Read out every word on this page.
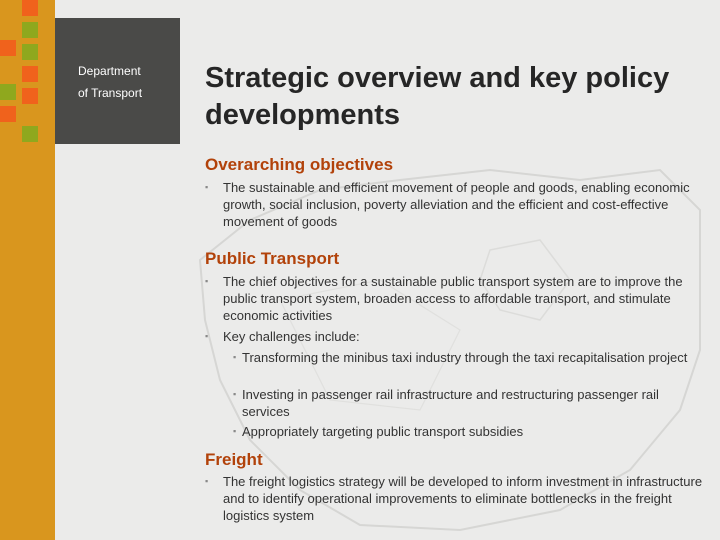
Department
of Transport Strategic overview and key policy developments
Overarching objectives
▪ The sustainable and efficient movement of people and goods, enabling economic growth, social inclusion, poverty alleviation and the efficient and cost-effective movement of goods
Public Transport
▪ The chief objectives for a sustainable public transport system are to improve the public transport system, broaden access to affordable transport, and stimulate economic activities
▪ Key challenges include:
▪ Transforming the minibus taxi industry through the taxi recapitalisation project
▪ Investing in passenger rail infrastructure and restructuring passenger rail services
▪ Appropriately targeting public transport subsidies
Freight
▪ The freight logistics strategy will be developed to inform investment in infrastructure and to identify operational improvements to eliminate bottlenecks in the freight logistics system
